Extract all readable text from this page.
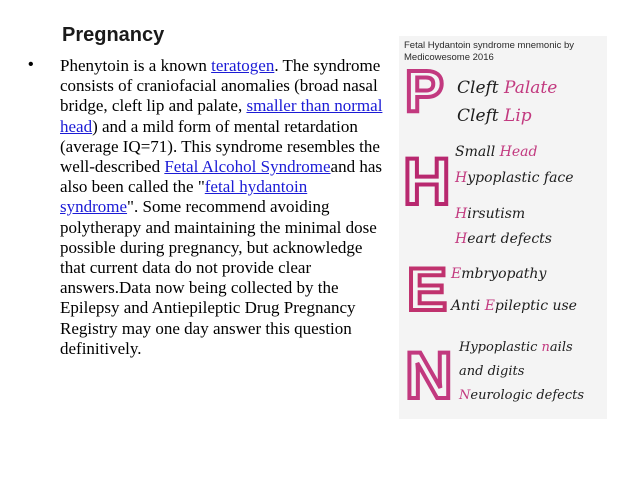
Pregnancy
• Phenytoin is a known teratogen. The syndrome consists of craniofacial anomalies (broad nasal bridge, cleft lip and palate, smaller than normal head) and a mild form of mental retardation (average IQ=71). This syndrome resembles the well-described Fetal Alcohol Syndromeand has also been called the "fetal hydantoin syndrome". Some recommend avoiding polytherapy and maintaining the minimal dose possible during pregnancy, but acknowledge that current data do not provide clear answers.Data now being collected by the Epilepsy and Antiepileptic Drug Pregnancy Registry may one day answer this question definitively.

Fetal Hydantoin syndrome mnemonic by
Medicowesome 2016
P Cleft Palate
Cleft Lip
H Small Head
Hypoplastic face
Hirsutism
Heart defects
E Embryopathy
Anti Epileptic use
N Hypoplastic nails
and digits
Neurologic defects
